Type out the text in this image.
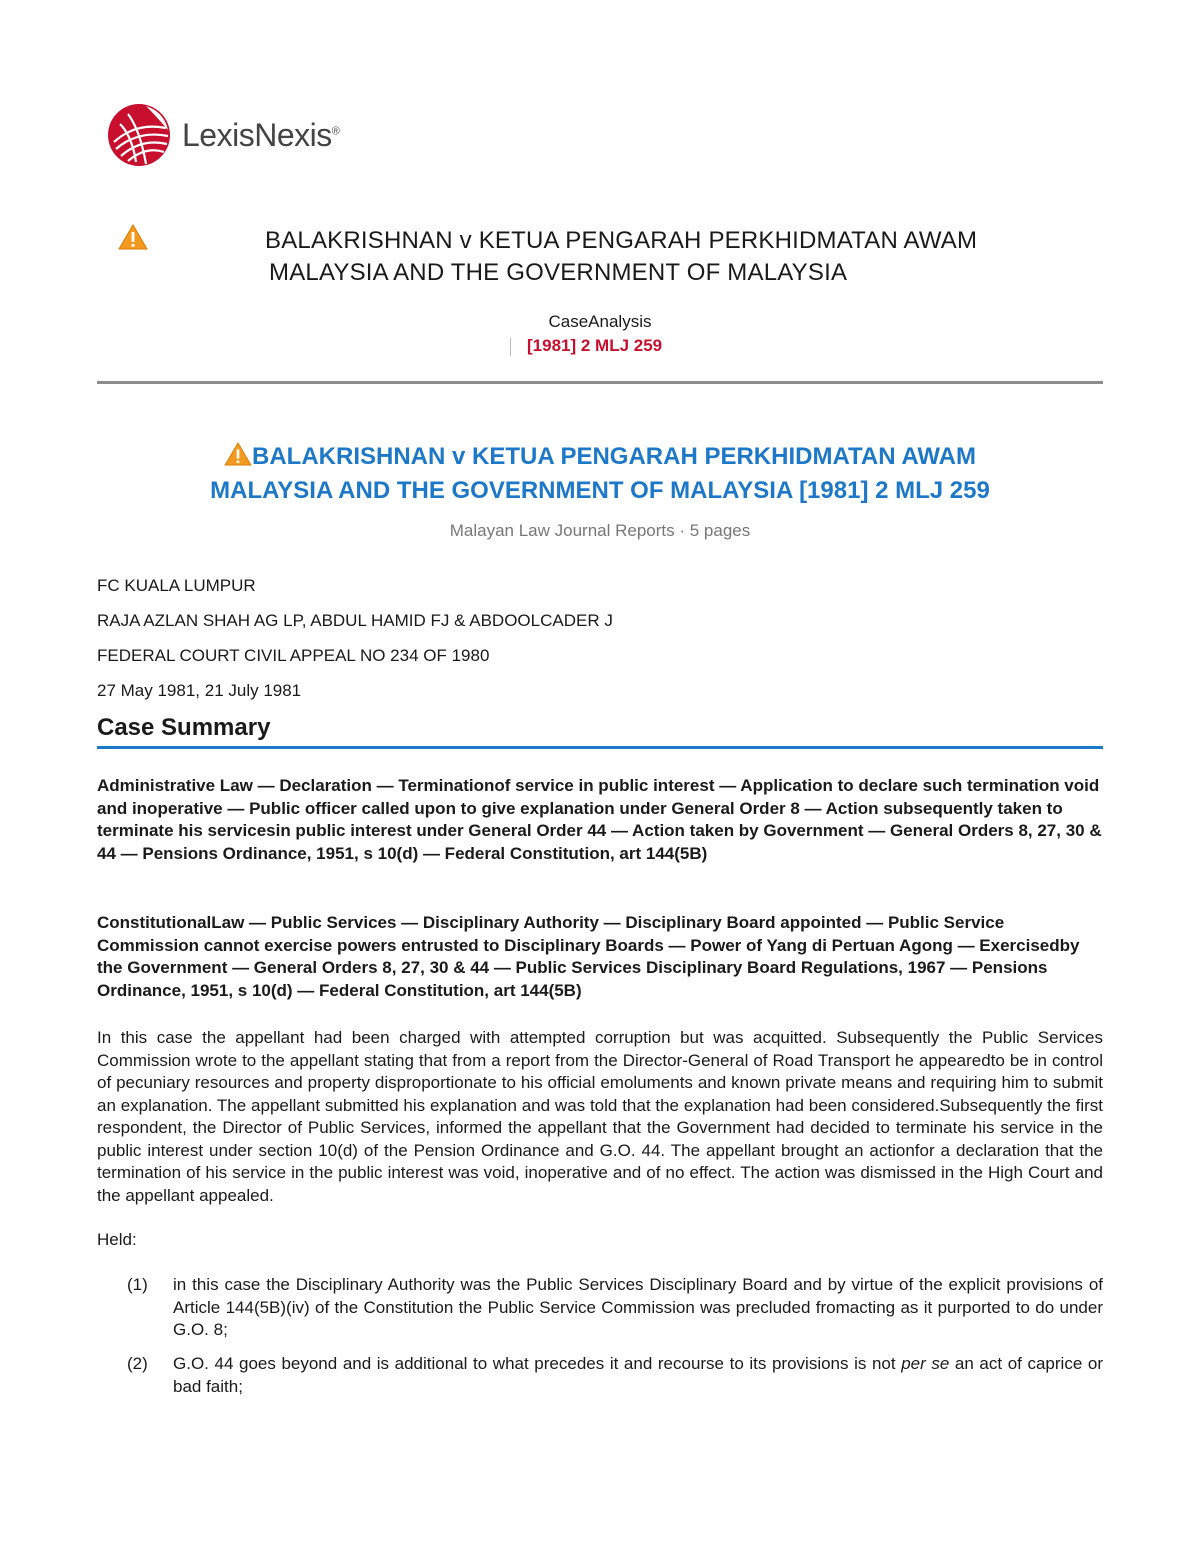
LexisNexis®
BALAKRISHNAN v KETUA PENGARAH PERKHIDMATAN AWAM
MALAYSIA AND THE GOVERNMENT OF MALAYSIA
CaseAnalysis
[1981] 2 MLJ 259
BALAKRISHNAN v KETUA PENGARAH PERKHIDMATAN AWAM
MALAYSIA AND THE GOVERNMENT OF MALAYSIA [1981] 2 MLJ 259
Malayan Law Journal Reports · 5 pages
FC KUALA LUMPUR
RAJA AZLAN SHAH AG LP, ABDUL HAMID FJ & ABDOOLCADER J
FEDERAL COURT CIVIL APPEAL NO 234 OF 1980
27 May 1981, 21 July 1981
Case Summary
Administrative Law — Declaration — Terminationof service in public interest — Application to declare such termination void and inoperative — Public officer called upon to give explanation under General Order 8 — Action subsequently taken to terminate his servicesin public interest under General Order 44 — Action taken by Government — General Orders 8, 27, 30 & 44 — Pensions Ordinance, 1951, s 10(d) — Federal Constitution, art 144(5B)
ConstitutionalLaw — Public Services — Disciplinary Authority — Disciplinary Board appointed — Public Service Commission cannot exercise powers entrusted to Disciplinary Boards — Power of Yang di Pertuan Agong — Exercisedby the Government — General Orders 8, 27, 30 & 44 — Public Services Disciplinary Board Regulations, 1967 — Pensions Ordinance, 1951, s 10(d) — Federal Constitution, art 144(5B)
In this case the appellant had been charged with attempted corruption but was acquitted. Subsequently the Public Services Commission wrote to the appellant stating that from a report from the Director-General of Road Transport he appearedto be in control of pecuniary resources and property disproportionate to his official emoluments and known private means and requiring him to submit an explanation. The appellant submitted his explanation and was told that the explanation had been considered.Subsequently the first respondent, the Director of Public Services, informed the appellant that the Government had decided to terminate his service in the public interest under section 10(d) of the Pension Ordinance and G.O. 44. The appellant brought an actionfor a declaration that the termination of his service in the public interest was void, inoperative and of no effect. The action was dismissed in the High Court and the appellant appealed.
Held:
(1)	in this case the Disciplinary Authority was the Public Services Disciplinary Board and by virtue of the explicit provisions of Article 144(5B)(iv) of the Constitution the Public Service Commission was precluded fromacting as it purported to do under G.O. 8;
(2)	G.O. 44 goes beyond and is additional to what precedes it and recourse to its provisions is not per se an act of caprice or bad faith;
